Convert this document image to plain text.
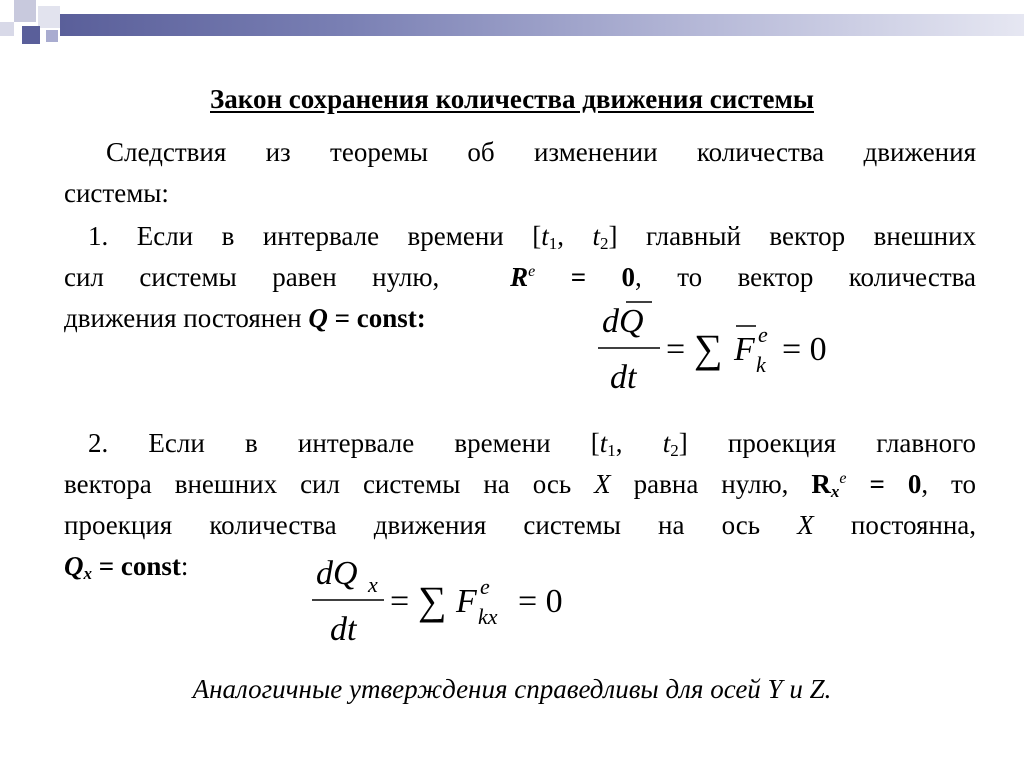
Закон сохранения количества движения системы
Следствия из теоремы об изменении количества движения
системы:
1. Если в интервале времени [$t_1$, $t_2$] главный вектор внешних
сил системы равен нулю,	$R^e = 0$, то вектор количества
движения постоянен Q = const:	dQ
dt
= ∑ F e
k = 0
2. Если в интервале времени [$t_1$, $t_2$] проекция главного
вектора внешних сил системы на ось X равна нулю, $R_x^e = 0$, то
проекция количества движения системы на ось X постоянна,
$Q_x$ = const:	dQ x
dt
= ∑ F e
kx = 0
Аналогичные утверждения справедливы для осей Y и Z.
